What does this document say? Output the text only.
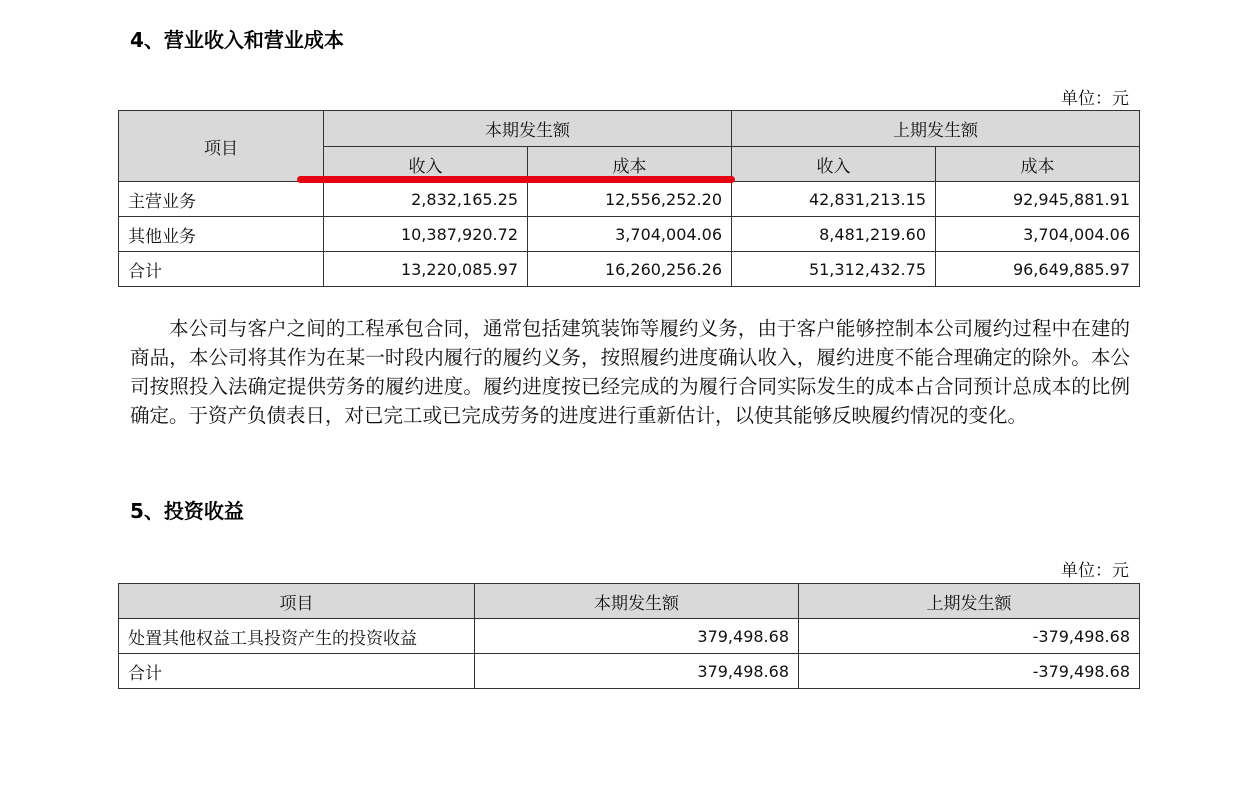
4、营业收入和营业成本
单位：元
项目	本期发生额		上期发生额	
	收入	成本	收入	成本
主营业务	2,832,165.25	12,556,252.20	42,831,213.15	92,945,881.91
其他业务	10,387,920.72	3,704,004.06	8,481,219.60	3,704,004.06
合计	13,220,085.97	16,260,256.26	51,312,432.75	96,649,885.97

本公司与客户之间的工程承包合同，通常包括建筑装饰等履约义务，由于客户能够控制本公司履约过程中在建的商品，本公司将其作为在某一时段内履行的履约义务，按照履约进度确认收入，履约进度不能合理确定的除外。本公司按照投入法确定提供劳务的履约进度。履约进度按已经完成的为履行合同实际发生的成本占合同预计总成本的比例确定。于资产负债表日，对已完工或已完成劳务的进度进行重新估计，以使其能够反映履约情况的变化。

5、投资收益
单位：元
项目	本期发生额	上期发生额
处置其他权益工具投资产生的投资收益	379,498.68	-379,498.68
合计	379,498.68	-379,498.68
